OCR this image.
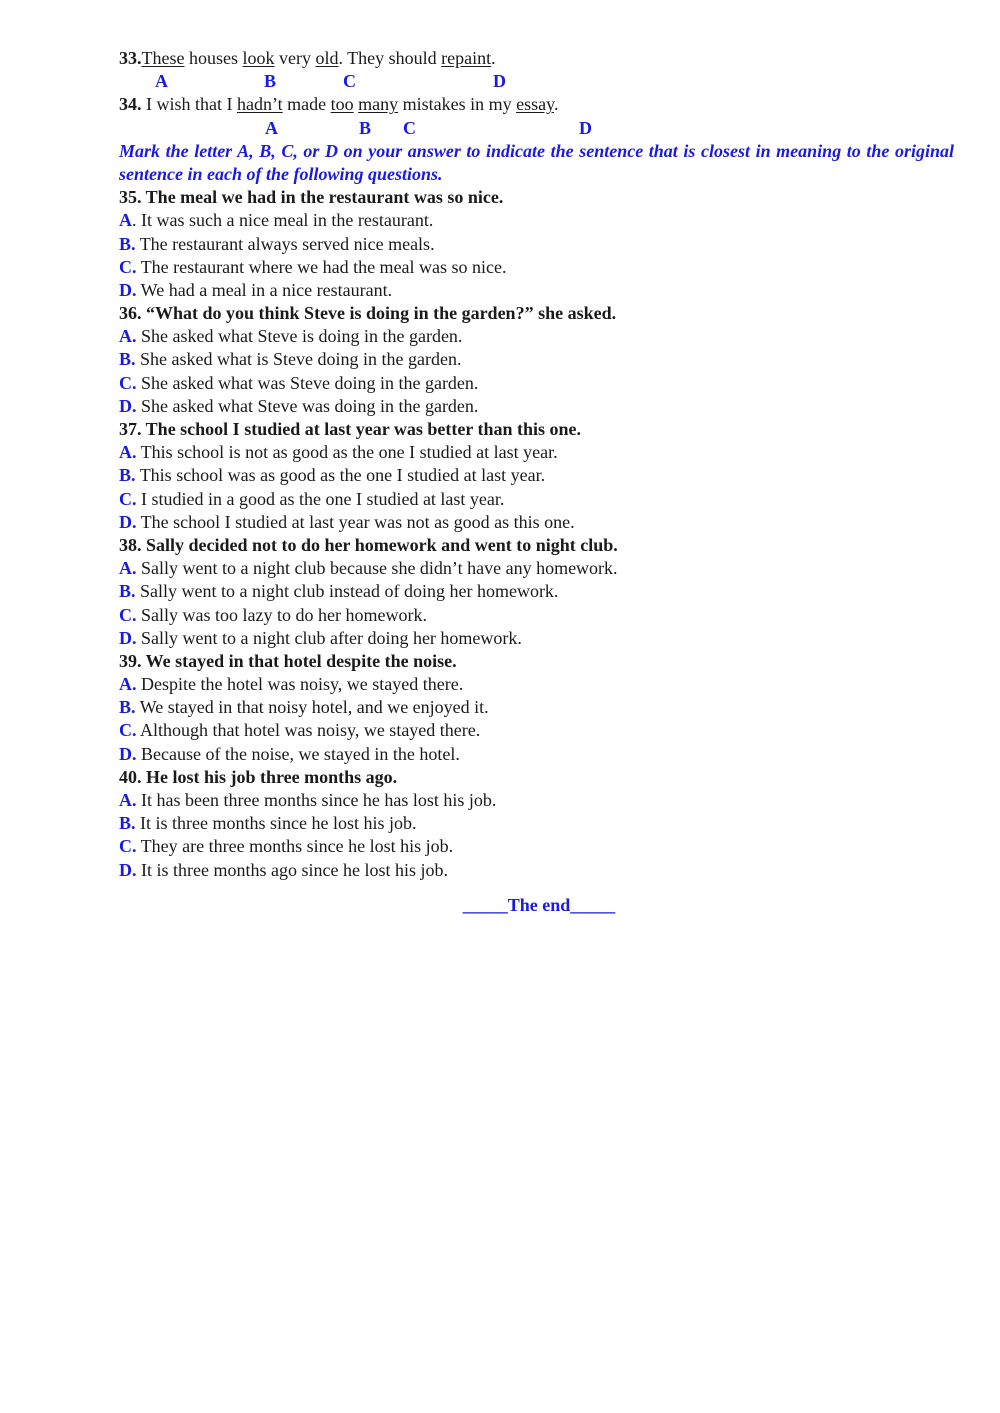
33.These houses look very old. They should repaint.
A	B	C	D
34. I wish that I hadn’t made too many mistakes in my essay.
A	B C	D
Mark the letter A, B, C, or D on your answer to indicate the sentence that is closest in meaning to the original sentence in each of the following questions.
35. The meal we had in the restaurant was so nice.
A. It was such a nice meal in the restaurant.
B. The restaurant always served nice meals.
C. The restaurant where we had the meal was so nice.
D. We had a meal in a nice restaurant.
36. “What do you think Steve is doing in the garden?” she asked.
A. She asked what Steve is doing in the garden.
B. She asked what is Steve doing in the garden.
C. She asked what was Steve doing in the garden.
D. She asked what Steve was doing in the garden.
37. The school I studied at last year was better than this one.
A. This school is not as good as the one I studied at last year.
B. This school was as good as the one I studied at last year.
C. I studied in a good as the one I studied at last year.
D. The school I studied at last year was not as good as this one.
38. Sally decided not to do her homework and went to night club.
A. Sally went to a night club because she didn’t have any homework.
B. Sally went to a night club instead of doing her homework.
C. Sally was too lazy to do her homework.
D. Sally went to a night club after doing her homework.
39. We stayed in that hotel despite the noise.
A. Despite the hotel was noisy, we stayed there.
B. We stayed in that noisy hotel, and we enjoyed it.
C. Although that hotel was noisy, we stayed there.
D. Because of the noise, we stayed in the hotel.
40. He lost his job three months ago.
A. It has been three months since he has lost his job.
B. It is three months since he lost his job.
C. They are three months since he lost his job.
D. It is three months ago since he lost his job.
_____The end_____
